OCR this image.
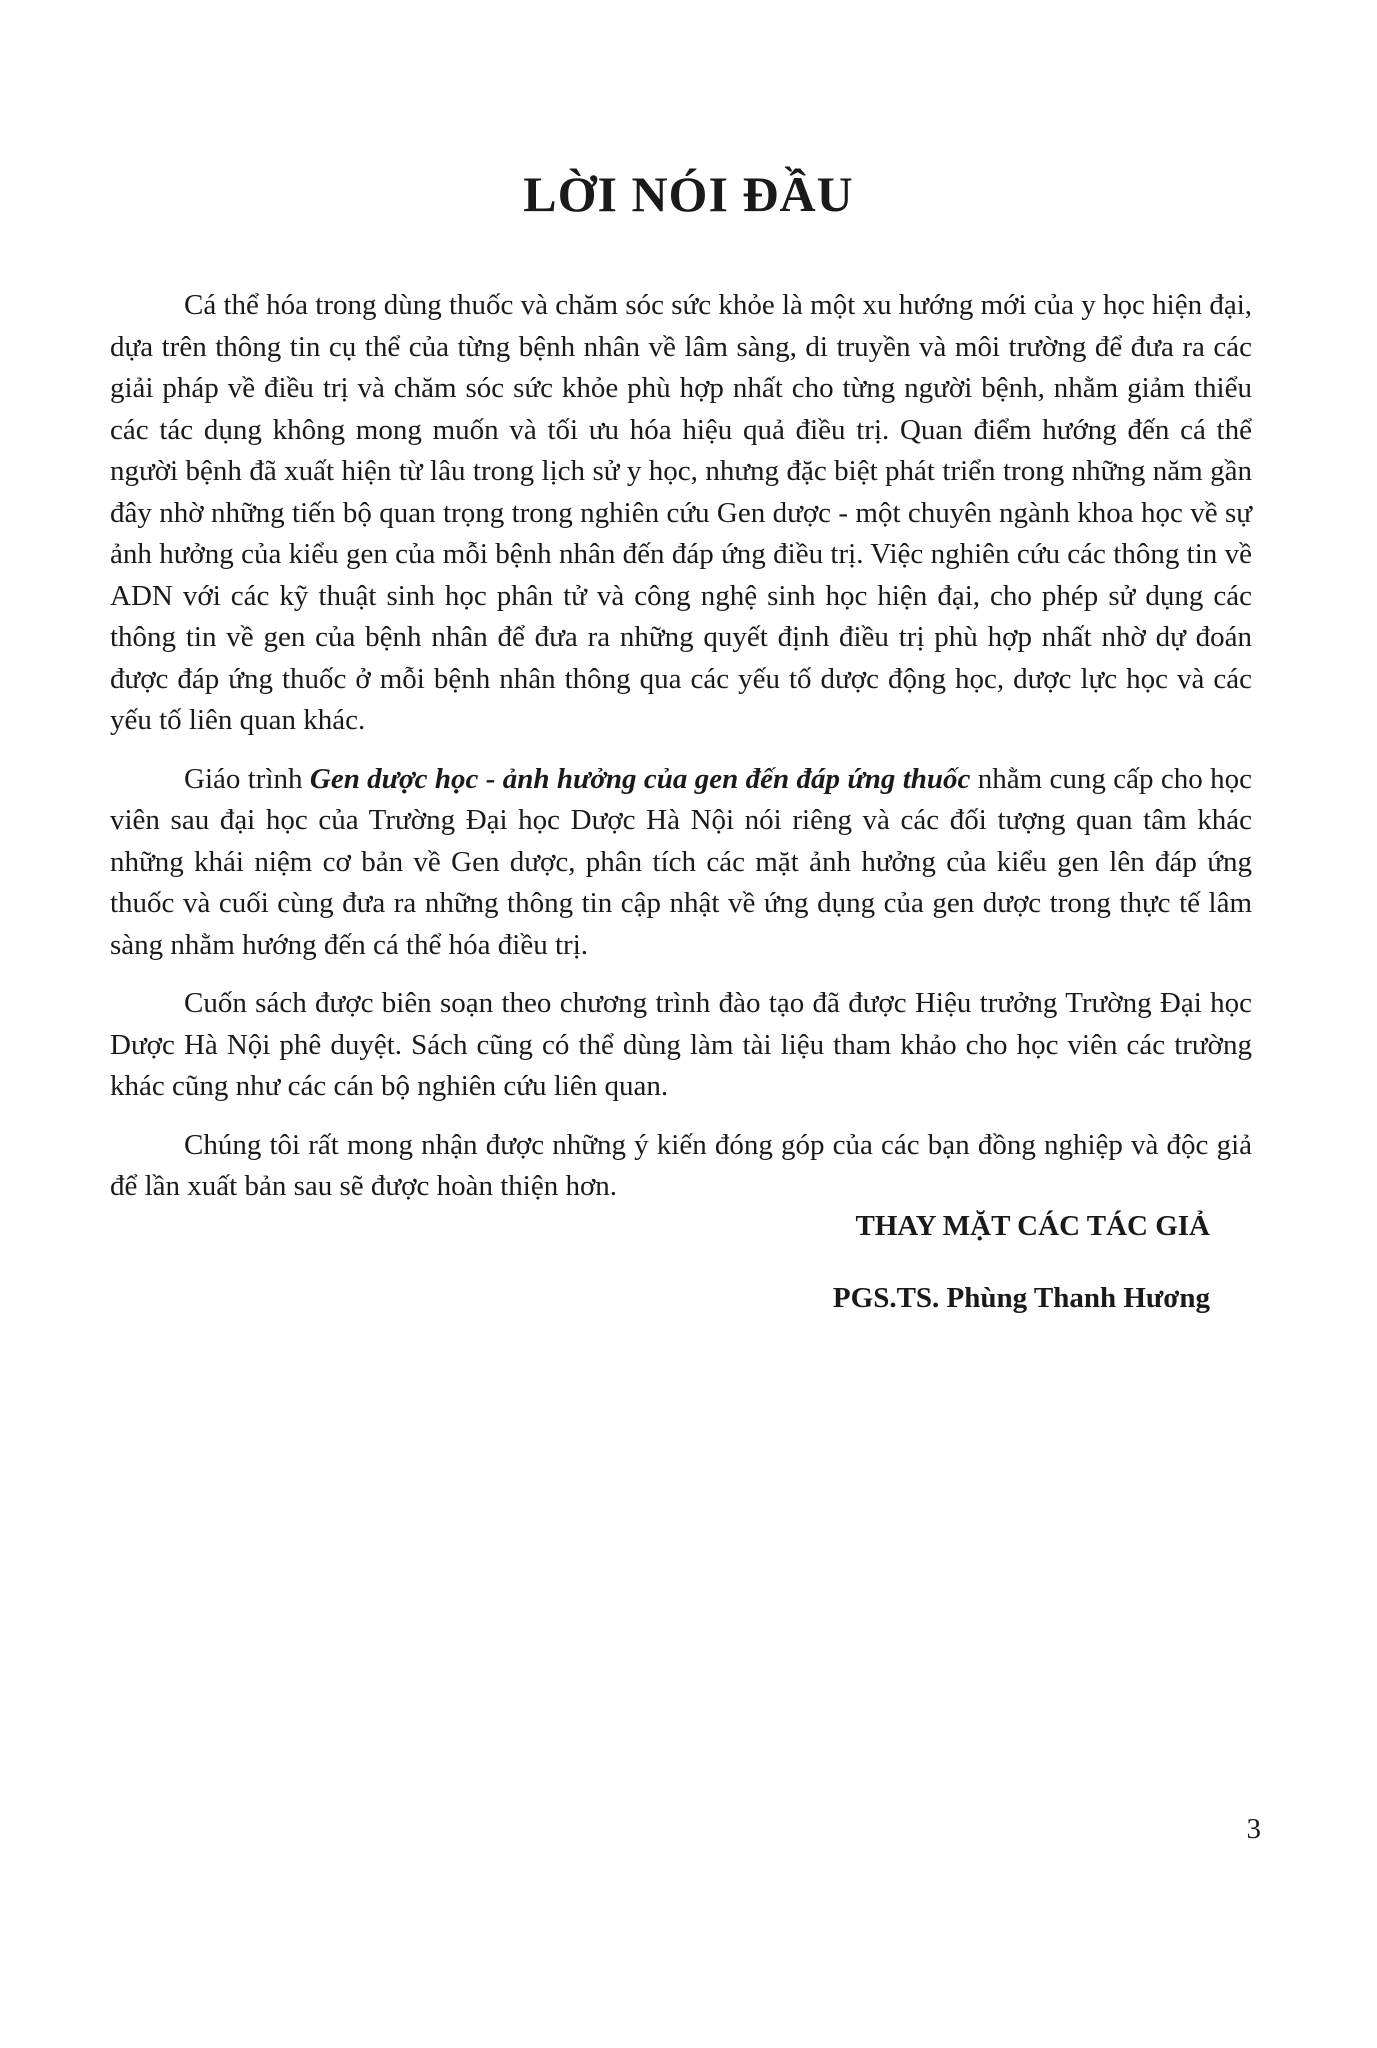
LỜI NÓI ĐẦU

Cá thể hóa trong dùng thuốc và chăm sóc sức khỏe là một xu hướng mới của y học hiện đại, dựa trên thông tin cụ thể của từng bệnh nhân về lâm sàng, di truyền và môi trường để đưa ra các giải pháp về điều trị và chăm sóc sức khỏe phù hợp nhất cho từng người bệnh, nhằm giảm thiểu các tác dụng không mong muốn và tối ưu hóa hiệu quả điều trị. Quan điểm hướng đến cá thể người bệnh đã xuất hiện từ lâu trong lịch sử y học, nhưng đặc biệt phát triển trong những năm gần đây nhờ những tiến bộ quan trọng trong nghiên cứu Gen dược - một chuyên ngành khoa học về sự ảnh hưởng của kiểu gen của mỗi bệnh nhân đến đáp ứng điều trị. Việc nghiên cứu các thông tin về ADN với các kỹ thuật sinh học phân tử và công nghệ sinh học hiện đại, cho phép sử dụng các thông tin về gen của bệnh nhân để đưa ra những quyết định điều trị phù hợp nhất nhờ dự đoán được đáp ứng thuốc ở mỗi bệnh nhân thông qua các yếu tố dược động học, dược lực học và các yếu tố liên quan khác.

Giáo trình Gen dược học - ảnh hưởng của gen đến đáp ứng thuốc nhằm cung cấp cho học viên sau đại học của Trường Đại học Dược Hà Nội nói riêng và các đối tượng quan tâm khác những khái niệm cơ bản về Gen dược, phân tích các mặt ảnh hưởng của kiểu gen lên đáp ứng thuốc và cuối cùng đưa ra những thông tin cập nhật về ứng dụng của gen dược trong thực tế lâm sàng nhằm hướng đến cá thể hóa điều trị.

Cuốn sách được biên soạn theo chương trình đào tạo đã được Hiệu trưởng Trường Đại học Dược Hà Nội phê duyệt. Sách cũng có thể dùng làm tài liệu tham khảo cho học viên các trường khác cũng như các cán bộ nghiên cứu liên quan.

Chúng tôi rất mong nhận được những ý kiến đóng góp của các bạn đồng nghiệp và độc giả để lần xuất bản sau sẽ được hoàn thiện hơn.

THAY MẶT CÁC TÁC GIẢ

PGS.TS. Phùng Thanh Hương

3
